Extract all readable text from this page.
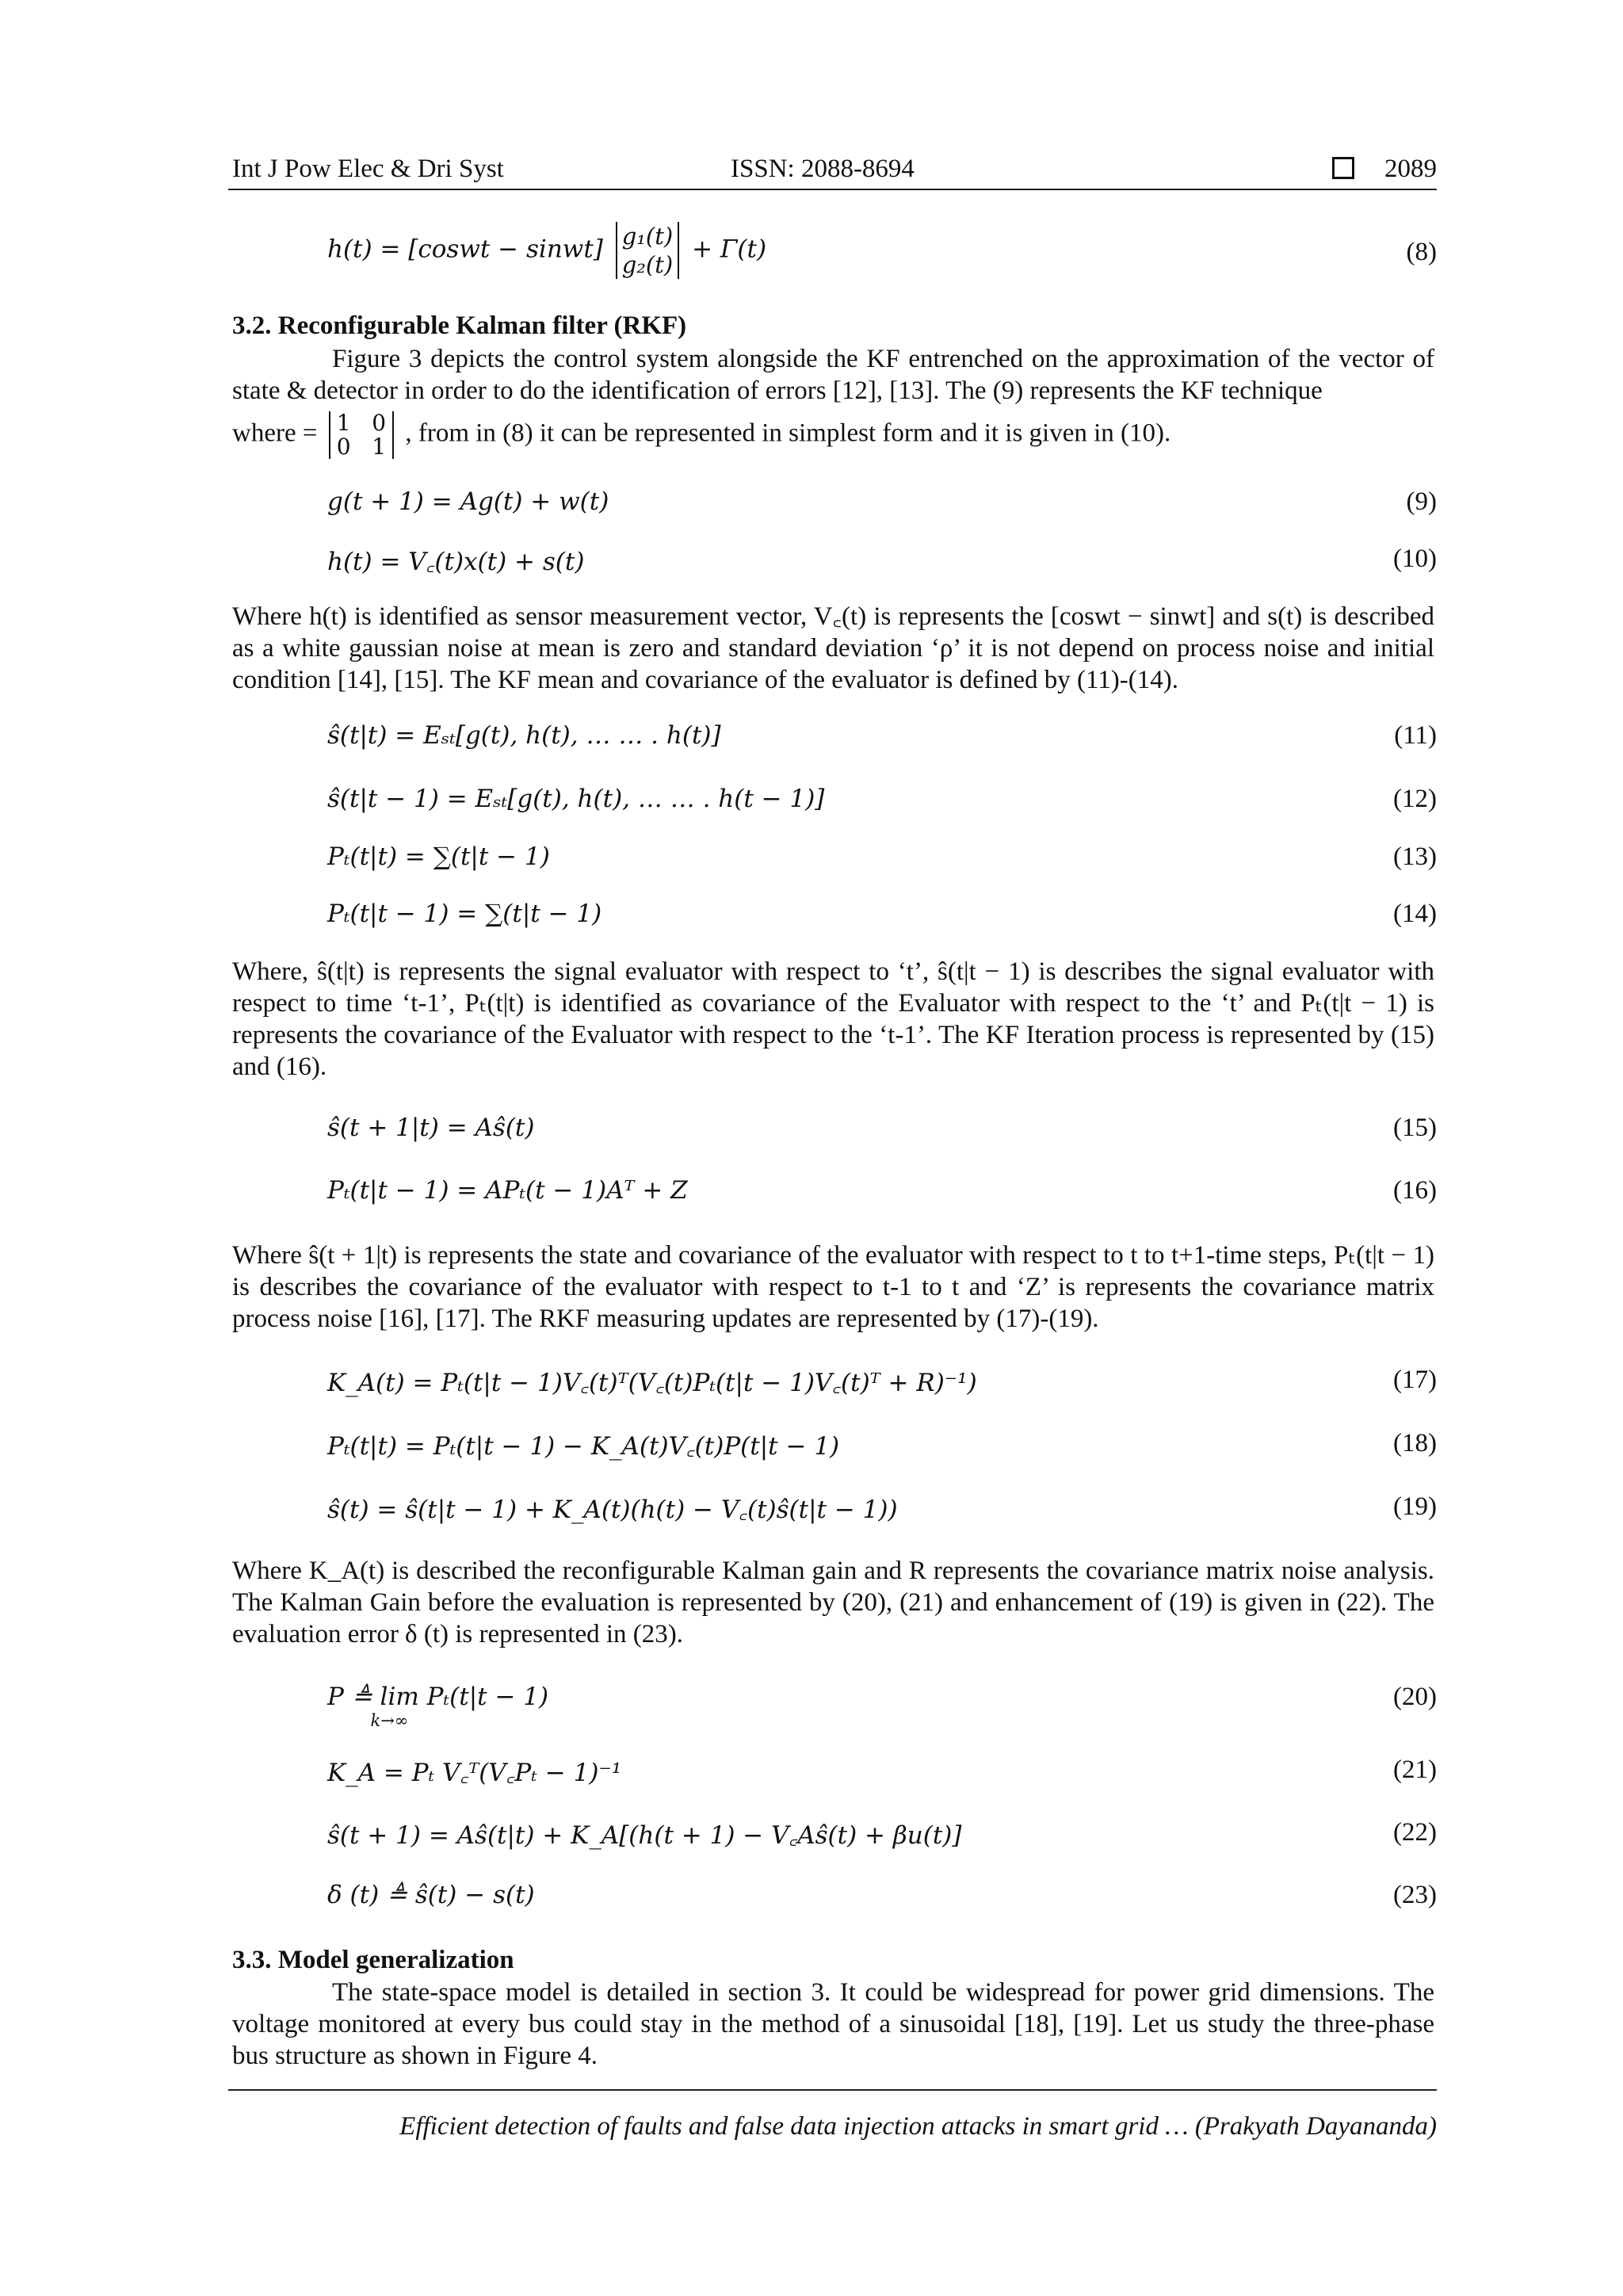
Int J Pow Elec & Dri Syst	ISSN: 2088-8694	2089
h(t) = [coswt − sinwt] g₁(t)
g₂(t)
+ Γ(t)	(8)
3.2. Reconfigurable Kalman filter (RKF)

Figure 3 depicts the control system alongside the KF entrenched on the approximation of the vector of state & detector in order to do the identification of errors [12], [13]. The (9) represents the KF technique

where = 1 0
0 1 , from in (8) it can be represented in simplest form and it is given in (10).

g(t + 1) = Ag(t) + w(t)	(9)
h(t) = V꜀(t)x(t) + s(t)	(10)
Where h(t) is identified as sensor measurement vector, V꜀(t) is represents the [coswt − sinwt] and s(t) is described as a white gaussian noise at mean is zero and standard deviation ‘ρ’ it is not depend on process noise and initial condition [14], [15]. The KF mean and covariance of the evaluator is defined by (11)-(14).
ŝ(t|t) = Eₛₜ[g(t), h(t), … … . h(t)]	(11)
ŝ(t|t − 1) = Eₛₜ[g(t), h(t), … … . h(t − 1)]	(12)
Pₜ(t|t) = ∑(t|t − 1)	(13)
Pₜ(t|t − 1) = ∑(t|t − 1)	(14)
Where, ŝ(t|t) is represents the signal evaluator with respect to ‘t’, ŝ(t|t − 1) is describes the signal evaluator with respect to time ‘t-1’, Pₜ(t|t) is identified as covariance of the Evaluator with respect to the ‘t’ and Pₜ(t|t − 1) is represents the covariance of the Evaluator with respect to the ‘t-1’. The KF Iteration process is represented by (15) and (16).
ŝ(t + 1|t) = Aŝ(t)	(15)
Pₜ(t|t − 1) = APₜ(t − 1)Aᵀ + Z	(16)
Where ŝ(t + 1|t) is represents the state and covariance of the evaluator with respect to t to t+1-time steps, Pₜ(t|t − 1) is describes the covariance of the evaluator with respect to t-1 to t and ‘Z’ is represents the covariance matrix process noise [16], [17]. The RKF measuring updates are represented by (17)-(19).
K_A(t) = Pₜ(t|t − 1)V꜀(t)ᵀ(V꜀(t)Pₜ(t|t − 1)V꜀(t)ᵀ + R)⁻¹)	(17)
Pₜ(t|t) = Pₜ(t|t − 1) − K_A(t)V꜀(t)P(t|t − 1)	(18)
ŝ(t) = ŝ(t|t − 1) + K_A(t)(h(t) − V꜀(t)ŝ(t|t − 1))	(19)
Where K_A(t) is described the reconfigurable Kalman gain and R represents the covariance matrix noise analysis. The Kalman Gain before the evaluation is represented by (20), (21) and enhancement of (19) is given in (22). The evaluation error δ (t) is represented in (23).
P ≜ lim
k→∞
Pₜ(t|t − 1)	(20)
K_A = Pₜ V꜀ᵀ(V꜀Pₜ − 1)⁻¹	(21)
ŝ(t + 1) = Aŝ(t|t) + K_A[(h(t + 1) − V꜀Aŝ(t) + βu(t)]	(22)
δ (t) ≜ ŝ(t) − s(t)	(23)
3.3. Model generalization
The state-space model is detailed in section 3. It could be widespread for power grid dimensions. The voltage monitored at every bus could stay in the method of a sinusoidal [18], [19]. Let us study the three-phase bus structure as shown in Figure 4.
Efficient detection of faults and false data injection attacks in smart grid … (Prakyath Dayananda)
